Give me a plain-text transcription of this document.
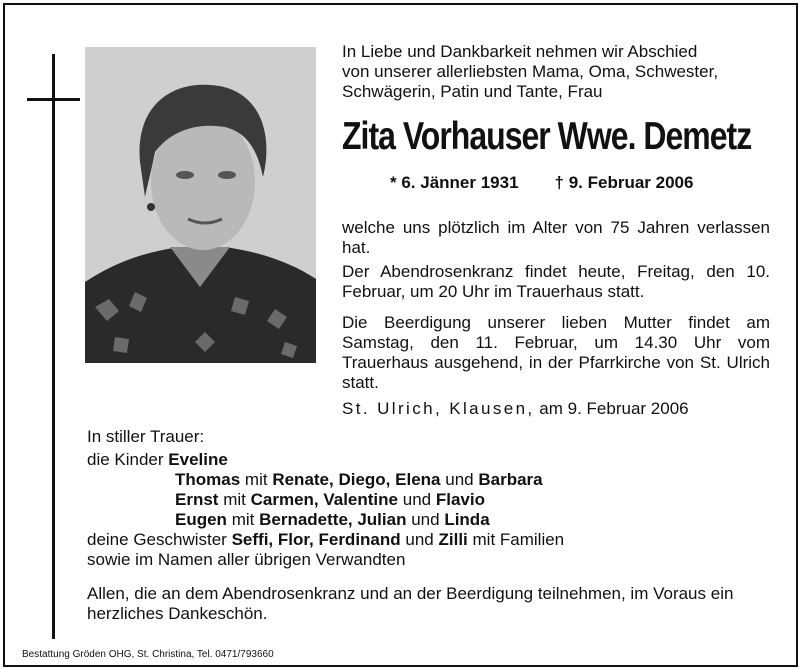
In Liebe und Dankbarkeit nehmen wir Abschied
von unserer allerliebsten Mama, Oma, Schwester,
Schwägerin, Patin und Tante, Frau
Zita Vorhauser Wwe. Demetz
* 6. Jänner 1931 † 9. Februar 2006
welche uns plötzlich im Alter von 75 Jahren verlassen hat.
Der Abendrosenkranz findet heute, Freitag, den 10. Februar, um 20 Uhr im Trauerhaus statt.
Die Beerdigung unserer lieben Mutter findet am Samstag, den 11. Februar, um 14.30 Uhr vom Trauerhaus ausgehend, in der Pfarrkirche von St. Ulrich statt.
St. Ulrich, Klausen, am 9. Februar 2006
In stiller Trauer:
die Kinder Eveline
Thomas mit Renate, Diego, Elena und Barbara
Ernst mit Carmen, Valentine und Flavio
Eugen mit Bernadette, Julian und Linda
deine Geschwister Seffi, Flor, Ferdinand und Zilli mit Familien
sowie im Namen aller übrigen Verwandten
Allen, die an dem Abendrosenkranz und an der Beerdigung teilnehmen, im Voraus ein herzliches Dankeschön.
Bestattung Gröden OHG, St. Christina, Tel. 0471/793660
